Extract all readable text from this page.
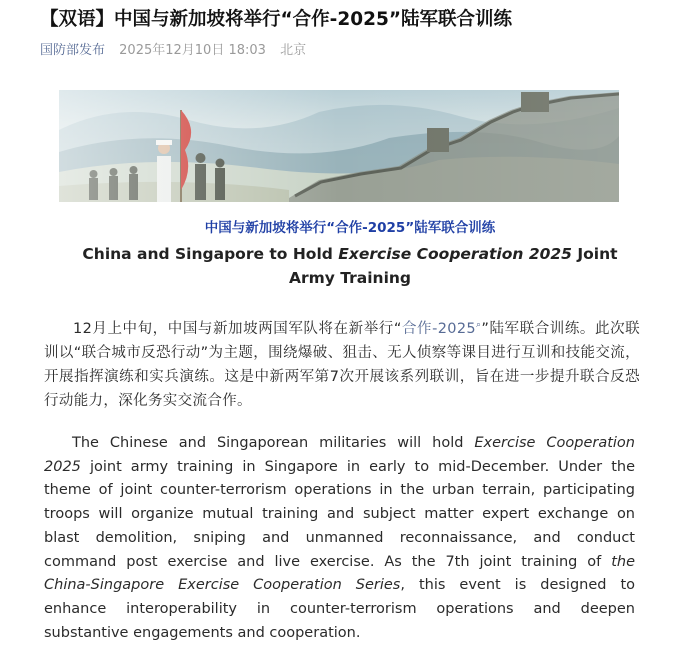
【双语】中国与新加坡将举行“合作-2025”陆军联合训练
国防部发布 2025年12月10日 18:03 北京
中国与新加坡将举行“合作-2025”陆军联合训练
China and Singapore to Hold Exercise Cooperation 2025 Joint Army Training
12月上中旬，中国与新加坡两国军队将在新举行“合作-2025⌕”陆军联合训练。此次联训以“联合城市反恐行动”为主题，围绕爆破、狙击、无人侦察等课目进行互训和技能交流，开展指挥演练和实兵演练。这是中新两军第7次开展该系列联训，旨在进一步提升联合反恐行动能力，深化务实交流合作。
The Chinese and Singaporean militaries will hold Exercise Cooperation
2025 joint army training in Singapore in early to mid-December. Under the
theme of joint counter-terrorism operations in the urban terrain, participating
troops will organize mutual training and subject matter expert exchange on
blast demolition, sniping and unmanned reconnaissance, and conduct
command post exercise and live exercise. As the 7th joint training of the
China-Singapore Exercise Cooperation Series, this event is designed to
enhance interoperability in counter-terrorism operations and deepen
substantive engagements and cooperation.
